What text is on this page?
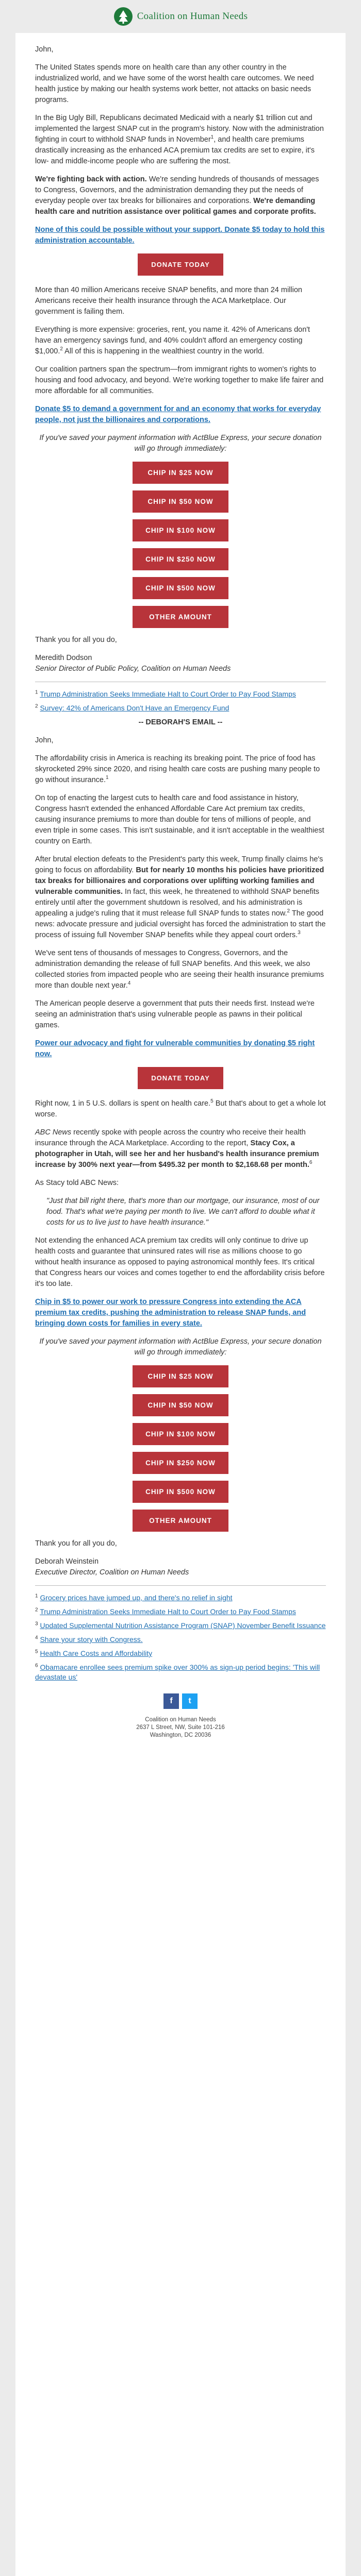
Coalition on Human Needs

John,

The United States spends more on health care than any other country in the industrialized world, and we have some of the worst health care outcomes. We need health justice by making our health systems work better, not attacks on basic needs programs.

In the Big Ugly Bill, Republicans decimated Medicaid with a nearly $1 trillion cut and implemented the largest SNAP cut in the program's history. Now with the administration fighting in court to withhold SNAP funds in November$^1$, and health care premiums drastically increasing as the enhanced ACA premium tax credits are set to expire, it's low- and middle-income people who are suffering the most.

We're fighting back with action. We're sending hundreds of thousands of messages to Congress, Governors, and the administration demanding they put the needs of everyday people over tax breaks for billionaires and corporations. We're demanding health care and nutrition assistance over political games and corporate profits.

None of this could be possible without your support. Donate $5 today to hold this administration accountable.

DONATE TODAY

More than 40 million Americans receive SNAP benefits, and more than 24 million Americans receive their health insurance through the ACA Marketplace. Our government is failing them.

Everything is more expensive: groceries, rent, you name it. 42% of Americans don't have an emergency savings fund, and 40% couldn't afford an emergency costing $1,000.$^2$ All of this is happening in the wealthiest country in the world.

Our coalition partners span the spectrum—from immigrant rights to women's rights to housing and food advocacy, and beyond. We're working together to make life fairer and more affordable for all communities.

Donate $5 to demand a government for and an economy that works for everyday people, not just the billionaires and corporations.

If you've saved your payment information with ActBlue Express, your secure donation will go through immediately:

CHIP IN $25 NOW
CHIP IN $50 NOW
CHIP IN $100 NOW
CHIP IN $250 NOW
CHIP IN $500 NOW
OTHER AMOUNT

Thank you for all you do,

Meredith Dodson

Senior Director of Public Policy, Coalition on Human Needs

$^1$ Trump Administration Seeks Immediate Halt to Court Order to Pay Food Stamps

$^2$ Survey: 42% of Americans Don't Have an Emergency Fund

-- DEBORAH'S EMAIL --

John,

The affordability crisis in America is reaching its breaking point. The price of food has skyrocketed 29% since 2020, and rising health care costs are pushing many people to go without insurance.$^1$

On top of enacting the largest cuts to health care and food assistance in history, Congress hasn't extended the enhanced Affordable Care Act premium tax credits, causing insurance premiums to more than double for tens of millions of people, and even triple in some cases. This isn't sustainable, and it isn't acceptable in the wealthiest country on Earth.

After brutal election defeats to the President's party this week, Trump finally claims he's going to focus on affordability. But for nearly 10 months his policies have prioritized tax breaks for billionaires and corporations over uplifting working families and vulnerable communities. In fact, this week, he threatened to withhold SNAP benefits entirely until after the government shutdown is resolved, and his administration is appealing a judge's ruling that it must release full SNAP funds to states now.$^2$ The good news: advocate pressure and judicial oversight has forced the administration to start the process of issuing full November SNAP benefits while they appeal court orders.$^3$

We've sent tens of thousands of messages to Congress, Governors, and the administration demanding the release of full SNAP benefits. And this week, we also collected stories from impacted people who are seeing their health insurance premiums more than double next year.$^4$

The American people deserve a government that puts their needs first. Instead we're seeing an administration that's using vulnerable people as pawns in their political games.

Power our advocacy and fight for vulnerable communities by donating $5 right now.

DONATE TODAY

Right now, 1 in 5 U.S. dollars is spent on health care.$^5$ But that's about to get a whole lot worse.

ABC News recently spoke with people across the country who receive their health insurance through the ACA Marketplace. According to the report, Stacy Cox, a photographer in Utah, will see her and her husband's health insurance premium increase by 300% next year—from $495.32 per month to $2,168.68 per month.$^6$

As Stacy told ABC News:

"Just that bill right there, that's more than our mortgage, our insurance, most of our food. That's what we're paying per month to live. We can't afford to double what it costs for us to live just to have health insurance."

Not extending the enhanced ACA premium tax credits will only continue to drive up health costs and guarantee that uninsured rates will rise as millions choose to go without health insurance as opposed to paying astronomical monthly fees. It's critical that Congress hears our voices and comes together to end the affordability crisis before it's too late.

Chip in $5 to power our work to pressure Congress into extending the ACA premium tax credits, pushing the administration to release SNAP funds, and bringing down costs for families in every state.

If you've saved your payment information with ActBlue Express, your secure donation will go through immediately:

CHIP IN $25 NOW
CHIP IN $50 NOW
CHIP IN $100 NOW
CHIP IN $250 NOW
CHIP IN $500 NOW
OTHER AMOUNT

Thank you for all you do,

Deborah Weinstein

Executive Director, Coalition on Human Needs

$^1$ Grocery prices have jumped up, and there's no relief in sight

$^2$ Trump Administration Seeks Immediate Halt to Court Order to Pay Food Stamps

$^3$ Updated Supplemental Nutrition Assistance Program (SNAP) November Benefit Issuance

$^4$ Share your story with Congress.

$^5$ Health Care Costs and Affordability

$^6$ Obamacare enrollee sees premium spike over 300% as sign-up period begins: 'This will devastate us'

f	t
Coalition on Human Needs
2637 L Street, NW, Suite 101-216
Washington, DC 20036
